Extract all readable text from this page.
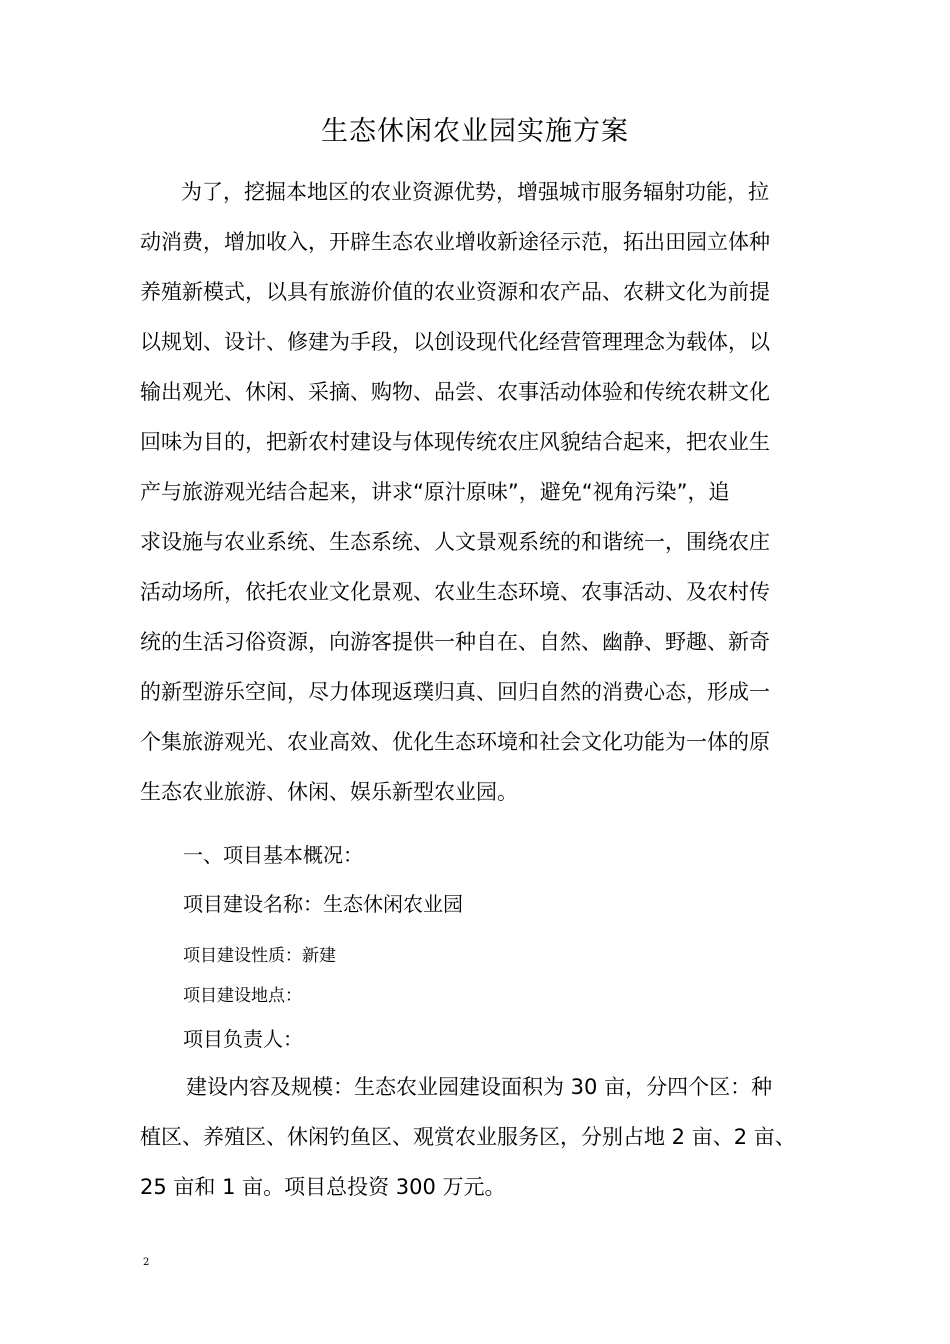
生态休闲农业园实施方案
为了，挖掘本地区的农业资源优势，增强城市服务辐射功能，拉
动消费，增加收入，开辟生态农业增收新途径示范，拓出田园立体种
养殖新模式，以具有旅游价值的农业资源和农产品、农耕文化为前提
以规划、设计、修建为手段，以创设现代化经营管理理念为载体，以
输出观光、休闲、采摘、购物、品尝、农事活动体验和传统农耕文化
回味为目的，把新农村建设与体现传统农庄风貌结合起来，把农业生
产与旅游观光结合起来，讲求“原汁原味”，避免“视角污染”，追
求设施与农业系统、生态系统、人文景观系统的和谐统一，围绕农庄
活动场所，依托农业文化景观、农业生态环境、农事活动、及农村传
统的生活习俗资源，向游客提供一种自在、自然、幽静、野趣、新奇
的新型游乐空间，尽力体现返璞归真、回归自然的消费心态，形成一
个集旅游观光、农业高效、优化生态环境和社会文化功能为一体的原
生态农业旅游、休闲、娱乐新型农业园。
一、项目基本概况：
项目建设名称：生态休闲农业园
项目建设性质：新建
项目建设地点：
项目负责人：
建设内容及规模：生态农业园建设面积为 30 亩，分四个区：种
植区、养殖区、休闲钓鱼区、观赏农业服务区，分别占地 2 亩、2 亩、
25 亩和 1 亩。项目总投资 300 万元。
2
